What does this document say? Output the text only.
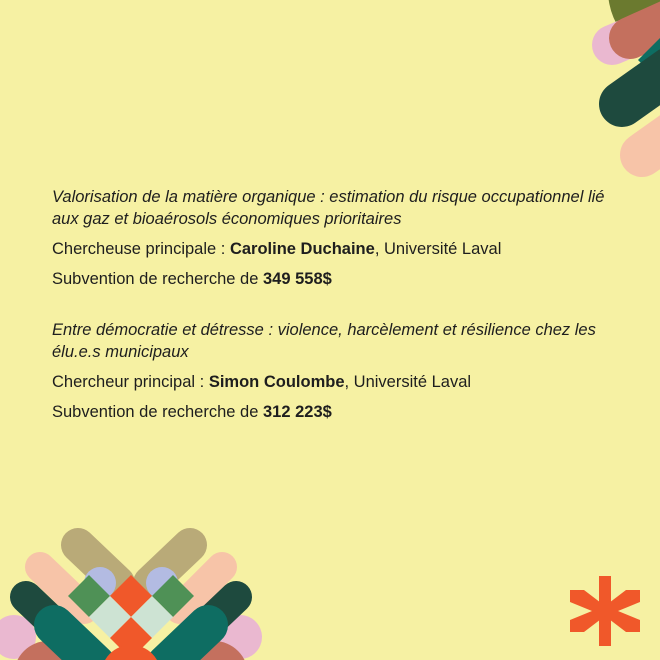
Valorisation de la matière organique : estimation du risque occupationnel lié aux gaz et bioaérosols économiques prioritaires

Chercheuse principale : Caroline Duchaine, Université Laval
Subvention de recherche de 349 558$

Entre démocratie et détresse : violence, harcèlement et résilience chez les élu.e.s municipaux

Chercheur principal : Simon Coulombe, Université Laval
Subvention de recherche de 312 223$
